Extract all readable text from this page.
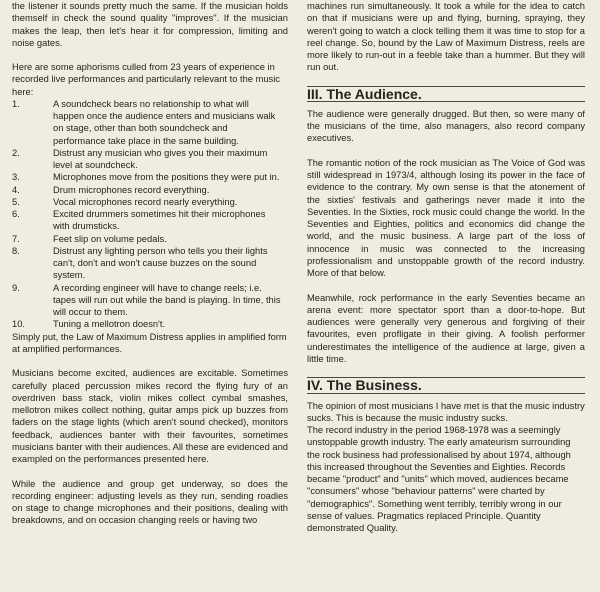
the listener it sounds pretty much the same. If the musician holds themself in check the sound quality "improves". If the musician makes the leap, then let's hear it for compression, limiting and noise gates.

Here are some aphorisms culled from 23 years of experience in recorded live performances and particularly relevant to the music here:

1.	A soundcheck bears no relationship to what will happen once the audience enters and musicians walk on stage, other than both soundcheck and performance take place in the same building.
2.	Distrust any musician who gives you their maximum level at soundcheck.
3.	Microphones move from the positions they were put in.
4.	Drum microphones record everything.
5.	Vocal microphones record nearly everything.
6.	Excited drummers sometimes hit their microphones with drumsticks.
7.	Feet slip on volume pedals.
8.	Distrust any lighting person who tells you their lights can't, don't and won't cause buzzes on the sound system.
9.	A recording engineer will have to change reels; i.e. tapes will run out while the band is playing. In time, this will occur to them.
10.	Tuning a mellotron doesn't.

Simply put, the Law of Maximum Distress applies in amplified form at amplified performances.

Musicians become excited, audiences are excitable. Sometimes carefully placed percussion mikes record the flying fury of an overdriven bass stack, violin mikes collect cymbal smashes, mellotron mikes collect nothing, guitar amps pick up buzzes from faders on the stage lights (which aren't sound checked), monitors feedback, audiences banter with their favourites, sometimes musicians banter with their audiences. All these are evidenced and exampled on the performances presented here.

While the audience and group get underway, so does the recording engineer: adjusting levels as they run, sending roadies on stage to change microphones and their positions, dealing with breakdowns, and on occasion changing reels or having two

machines run simultaneously. It took a while for the idea to catch on that if musicians were up and flying, burning, spraying, they weren't going to watch a clock telling them it was time to stop for a reel change. So, bound by the Law of Maximum Distress, reels are more likely to run-out in a feeble take than a hummer. But they will run out.

III. The Audience.

The audience were generally drugged. But then, so were many of the musicians of the time, also managers, also record company executives.

The romantic notion of the rock musician as The Voice of God was still widespread in 1973/4, although losing its power in the face of evidence to the contrary. My own sense is that the atonement of the sixties' festivals and gatherings never made it into the Seventies. In the Sixties, rock music could change the world. In the Seventies and Eighties, politics and economics did change the world, and the music business. A large part of the loss of innocence in music was connected to the increasing professionalism and unstoppable growth of the record industry. More of that below.

Meanwhile, rock performance in the early Seventies became an arena event: more spectator sport than a door-to-hope. But audiences were generally very generous and forgiving of their favourites, even profligate in their giving. A foolish performer underestimates the intelligence of the audience at large, given a little time.

IV. The Business.

The opinion of most musicians I have met is that the music industry sucks. This is because the music industry sucks.

The record industry in the period 1968-1978 was a seemingly unstoppable growth industry. The early amateurism surrounding the rock business had professionalised by about 1974, although this increased throughout the Seventies and Eighties. Records became "product" and "units" which moved, audiences became "consumers" whose "behaviour patterns" were charted by "demographics". Something went terribly, terribly wrong in our sense of values. Pragmatics replaced Principle. Quantity demonstrated Quality.
